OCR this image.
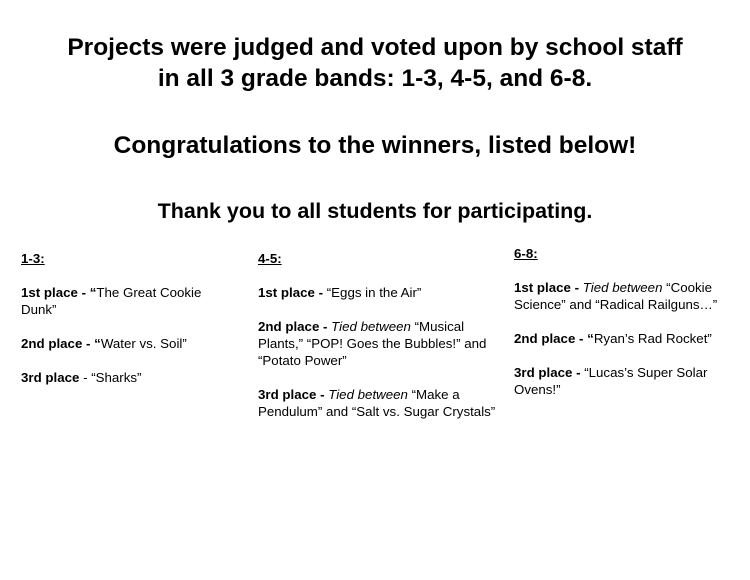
Projects were judged and voted upon by school staff
in all 3 grade bands: 1-3, 4-5, and 6-8.
Congratulations to the winners, listed below!
Thank you to all students for participating.
1-3:
1st place - “The Great Cookie Dunk”
2nd place - “Water vs. Soil”
3rd place - “Sharks”
4-5:
1st place - “Eggs in the Air”
2nd place - Tied between “Musical Plants,” “POP! Goes the Bubbles!” and “Potato Power”
3rd place - Tied between “Make a Pendulum” and “Salt vs. Sugar Crystals”
6-8:
1st place - Tied between “Cookie Science” and “Radical Railguns…”
2nd place - “Ryan’s Rad Rocket”
3rd place - “Lucas’s Super Solar Ovens!”
